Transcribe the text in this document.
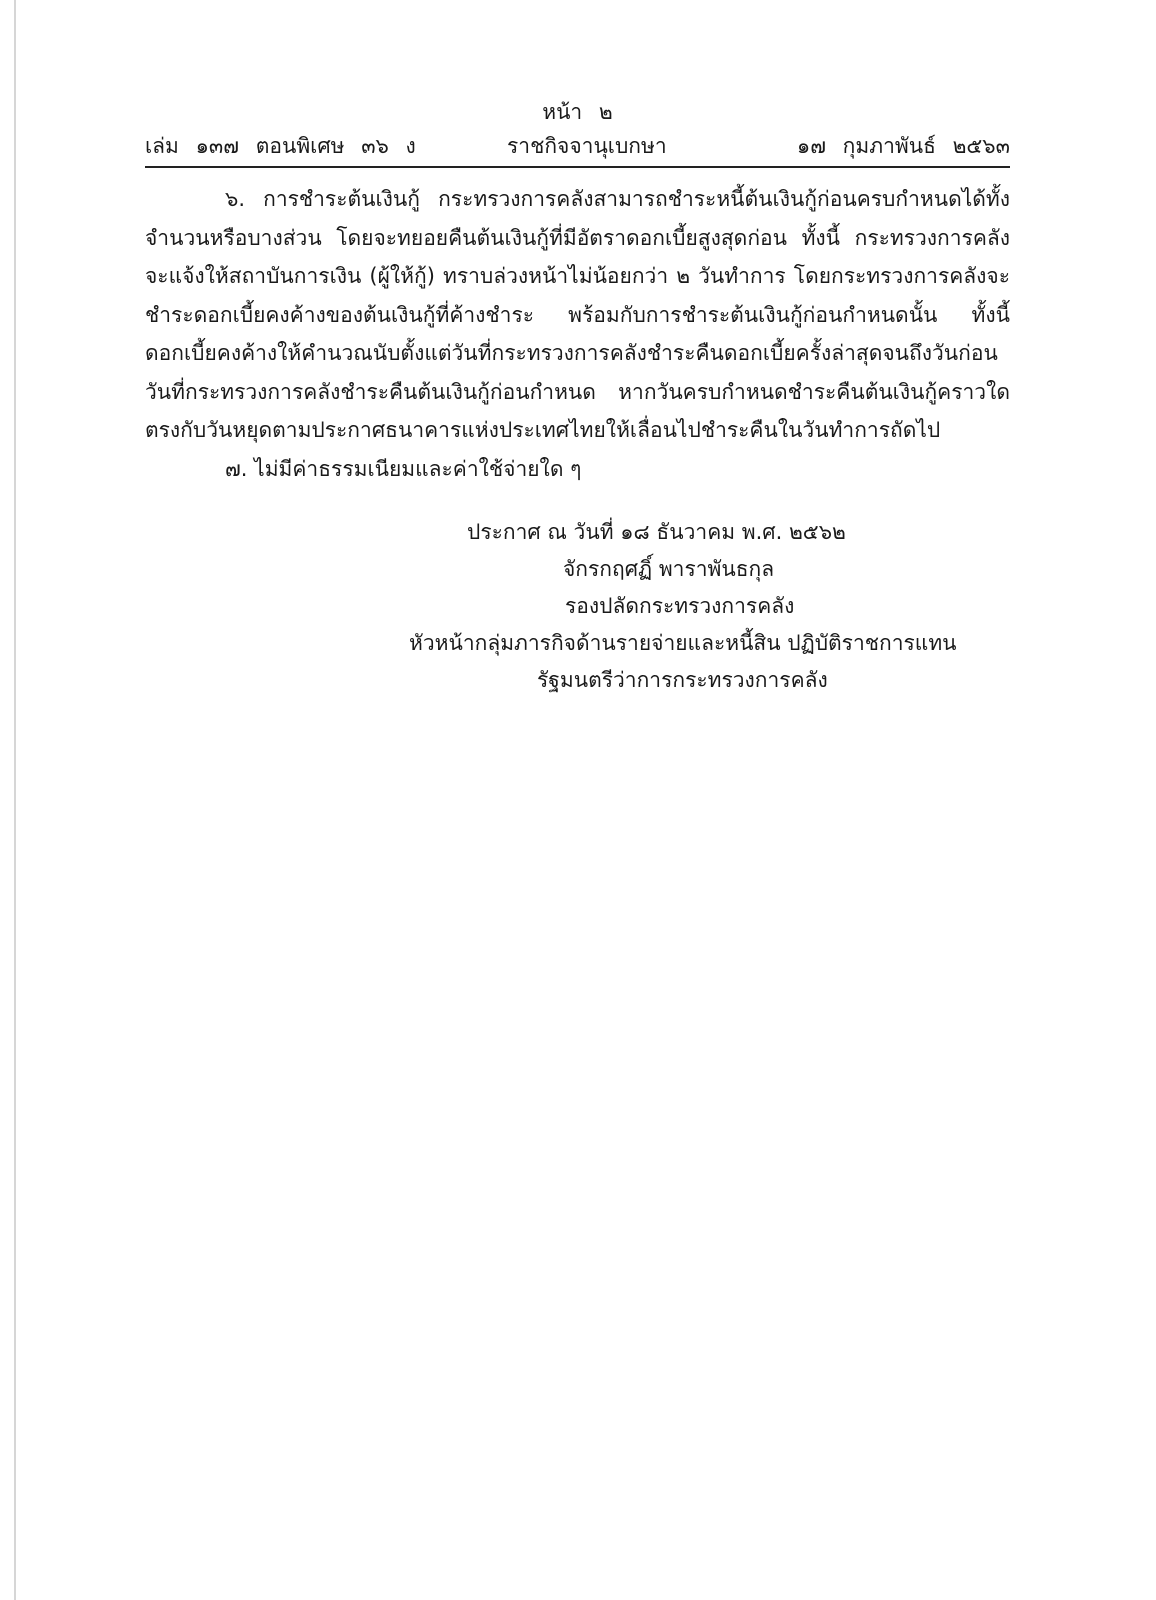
หน้า ๒
เล่ม ๑๓๗ ตอนพิเศษ ๓๖ ง	ราชกิจจานุเบกษา	๑๗ กุมภาพันธ์ ๒๕๖๓

๖. การชำระต้นเงินกู้ กระทรวงการคลังสามารถชำระหนี้ต้นเงินกู้ก่อนครบกำหนดได้ทั้งจำนวนหรือบางส่วน โดยจะทยอยคืนต้นเงินกู้ที่มีอัตราดอกเบี้ยสูงสุดก่อน ทั้งนี้ กระทรวงการคลังจะแจ้งให้สถาบันการเงิน (ผู้ให้กู้) ทราบล่วงหน้าไม่น้อยกว่า ๒ วันทำการ โดยกระทรวงการคลังจะชำระดอกเบี้ยคงค้างของต้นเงินกู้ที่ค้างชำระ พร้อมกับการชำระต้นเงินกู้ก่อนกำหนดนั้น ทั้งนี้ดอกเบี้ยคงค้างให้คำนวณนับตั้งแต่วันที่กระทรวงการคลังชำระคืนดอกเบี้ยครั้งล่าสุดจนถึงวันก่อนวันที่กระทรวงการคลังชำระคืนต้นเงินกู้ก่อนกำหนด หากวันครบกำหนดชำระคืนต้นเงินกู้คราวใดตรงกับวันหยุดตามประกาศธนาคารแห่งประเทศไทยให้เลื่อนไปชำระคืนในวันทำการถัดไป

๗. ไม่มีค่าธรรมเนียมและค่าใช้จ่ายใด ๆ

ประกาศ ณ วันที่ ๑๘ ธันวาคม พ.ศ. ๒๕๖๒
จักรกฤศฏิ์ พาราพันธกุล
รองปลัดกระทรวงการคลัง
หัวหน้ากลุ่มภารกิจด้านรายจ่ายและหนี้สิน ปฏิบัติราชการแทน
รัฐมนตรีว่าการกระทรวงการคลัง
